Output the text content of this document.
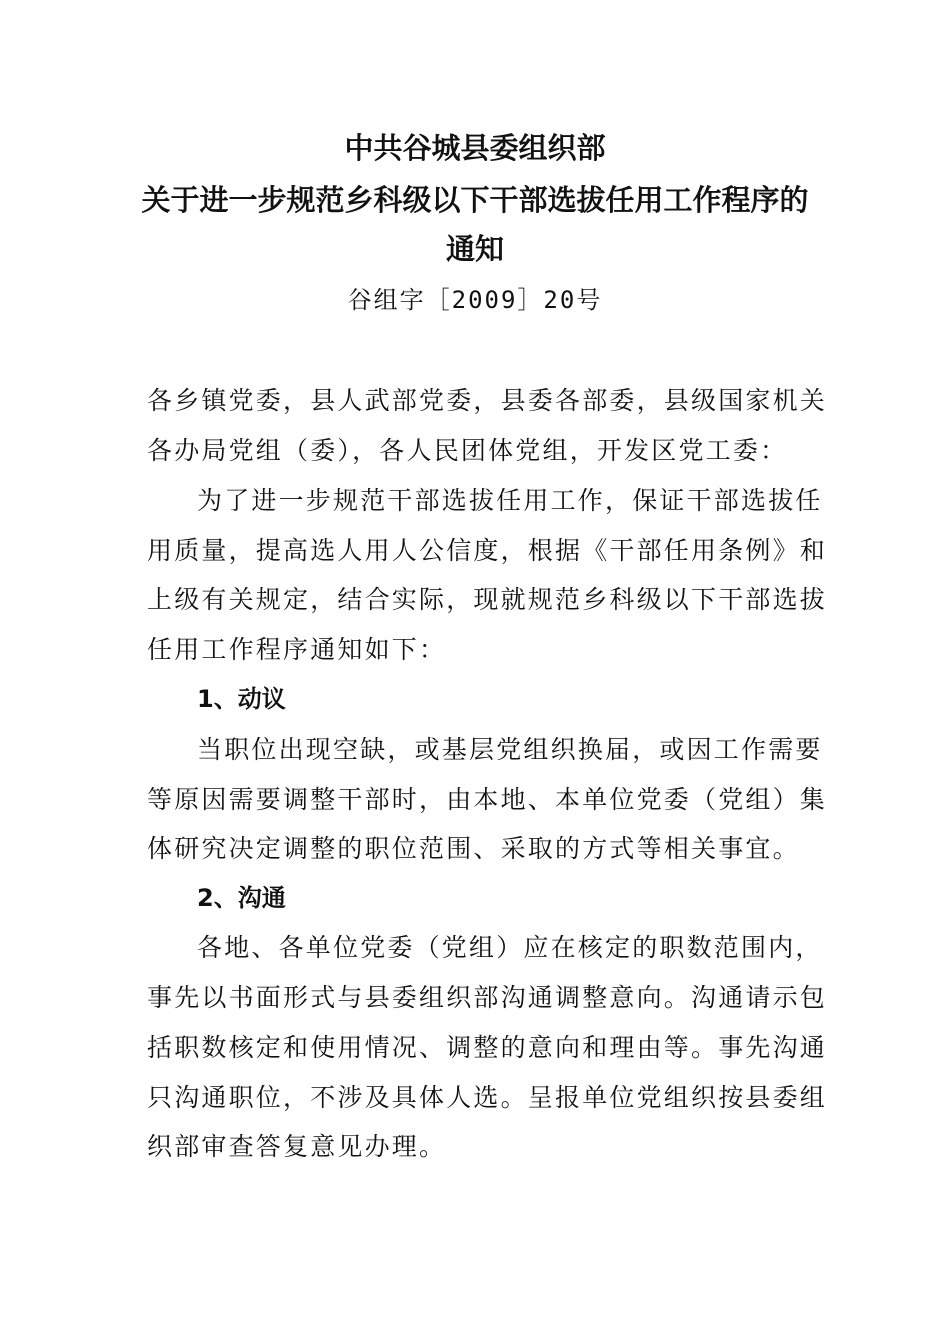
中共谷城县委组织部
关于进一步规范乡科级以下干部选拔任用工作程序的
通知
谷组字［2009］20号
各乡镇党委，县人武部党委，县委各部委，县级国家机关
各办局党组（委），各人民团体党组，开发区党工委：
为了进一步规范干部选拔任用工作，保证干部选拔任
用质量，提高选人用人公信度，根据《干部任用条例》和
上级有关规定，结合实际，现就规范乡科级以下干部选拔
任用工作程序通知如下：
1、动议
当职位出现空缺，或基层党组织换届，或因工作需要
等原因需要调整干部时，由本地、本单位党委（党组）集
体研究决定调整的职位范围、采取的方式等相关事宜。
2、沟通
各地、各单位党委（党组）应在核定的职数范围内，
事先以书面形式与县委组织部沟通调整意向。沟通请示包
括职数核定和使用情况、调整的意向和理由等。事先沟通
只沟通职位，不涉及具体人选。呈报单位党组织按县委组
织部审查答复意见办理。
